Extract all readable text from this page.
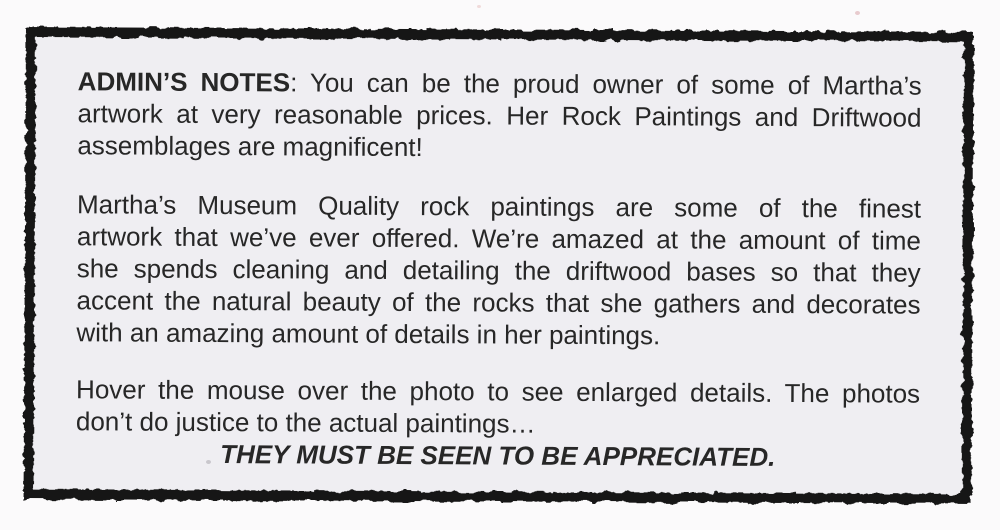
ADMIN’S NOTES: You can be the proud owner of some of Martha’s
artwork at very reasonable prices. Her Rock Paintings and Driftwood
assemblages are magnificent!
Martha’s Museum Quality rock paintings are some of the finest
artwork that we’ve ever offered. We’re amazed at the amount of time
she spends cleaning and detailing the driftwood bases so that they
accent the natural beauty of the rocks that she gathers and decorates
with an amazing amount of details in her paintings.
Hover the mouse over the photo to see enlarged details. The photos
don’t do justice to the actual paintings…
THEY MUST BE SEEN TO BE APPRECIATED.
